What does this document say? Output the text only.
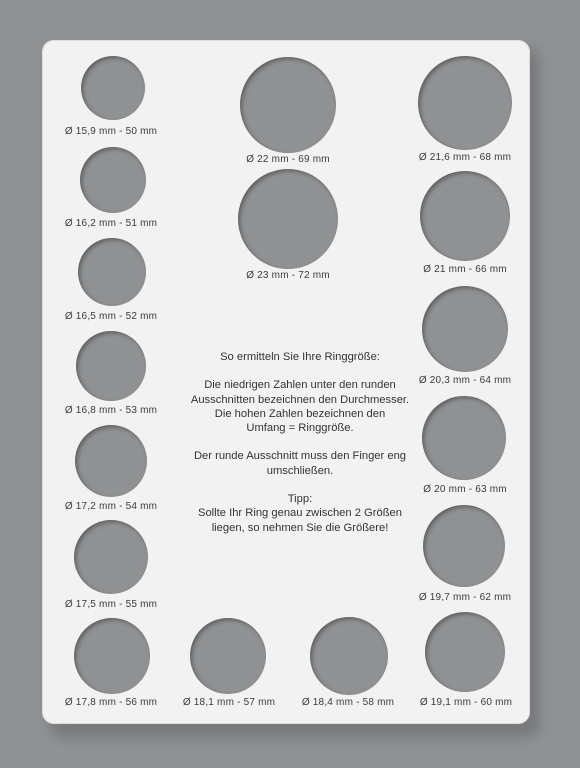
Ø 15,9 mm - 50 mm
Ø 16,2 mm - 51 mm
Ø 16,5 mm - 52 mm
Ø 16,8 mm - 53 mm
Ø 17,2 mm - 54 mm
Ø 17,5 mm - 55 mm
Ø 17,8 mm - 56 mm	Ø 18,1 mm - 57 mm	Ø 18,4 mm - 58 mm	Ø 19,1 mm - 60 mm
Ø 19,7 mm - 62 mm
Ø 20 mm - 63 mm
Ø 20,3 mm - 64 mm
Ø 21 mm - 66 mm
Ø 21,6 mm - 68 mm
Ø 22 mm - 69 mm
Ø 23 mm - 72 mm

So ermitteln Sie Ihre Ringgröße:

Die niedrigen Zahlen unter den runden
Ausschnitten bezeichnen den Durchmesser.
Die hohen Zahlen bezeichnen den
Umfang = Ringgröße.

Der runde Ausschnitt muss den Finger eng
umschließen.

Tipp:
Sollte Ihr Ring genau zwischen 2 Größen
liegen, so nehmen Sie die Größere!
